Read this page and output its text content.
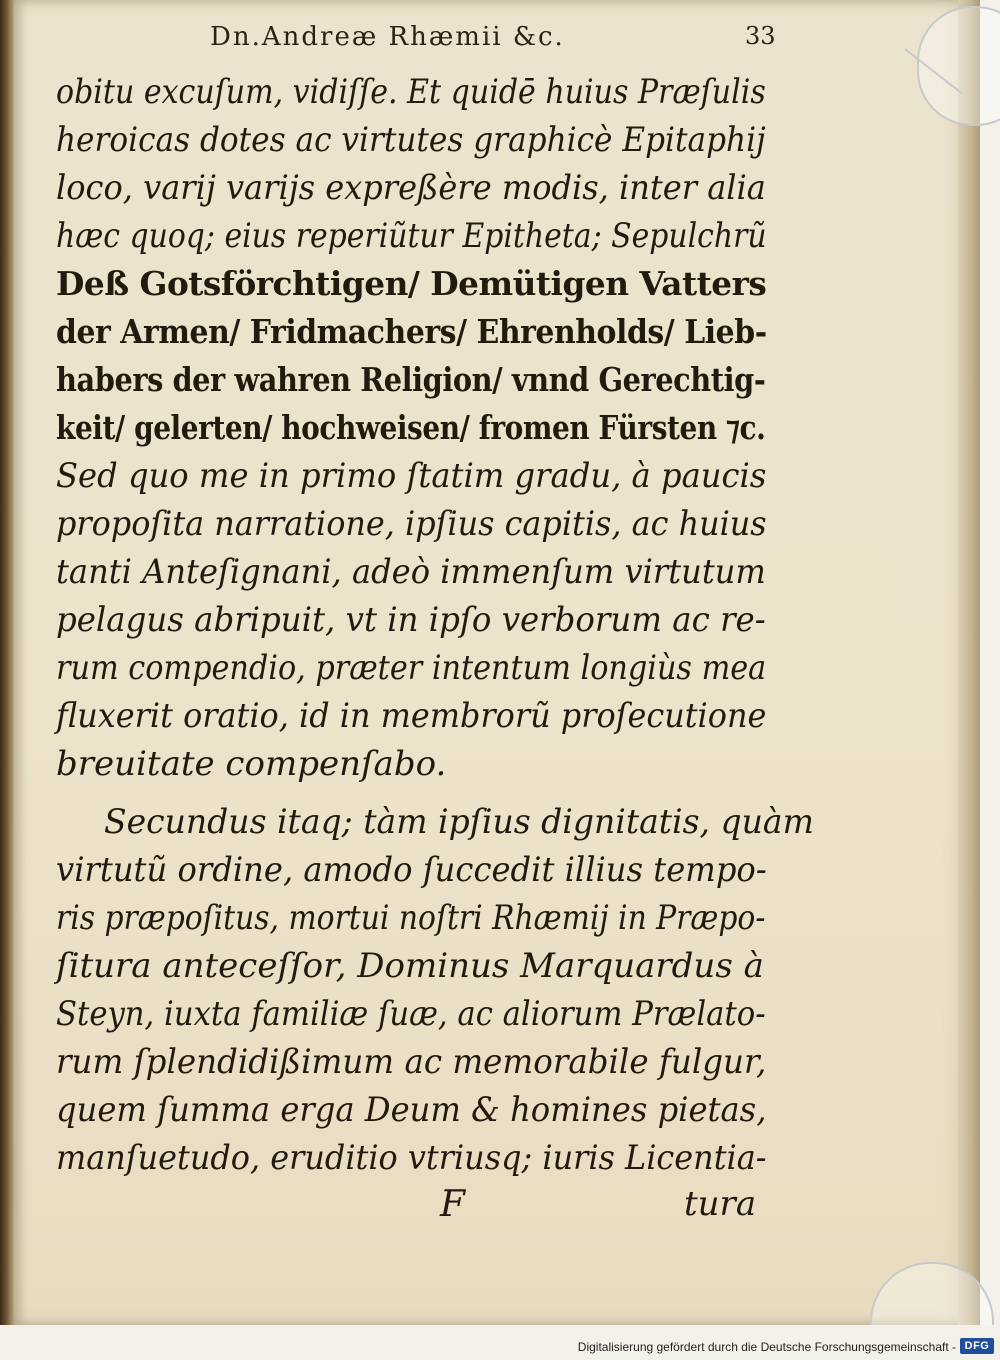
Dn.Andreæ Rhæmii &c.	33
obitu excuſum, vidiſſe. Et quidē huius Præſulis
heroicas dotes ac virtutes graphicè Epitaphij
loco, varij varijs expreßère modis, inter alia
hæc quoq; eius reperiũtur Epitheta; Sepulchrũ
Deß Gotsförchtigen/ Demütigen Vatters
der Armen/ Fridmachers/ Ehrenholds/ Lieb-
habers der wahren Religion/ vnnd Gerechtig-
keit/ gelerten/ hochweisen/ fromen Fürsten ⁊c.
Sed quo me in primo ſtatim gradu, à paucis
propoſita narratione, ipſius capitis, ac huius
tanti Anteſignani, adeò immenſum virtutum
pelagus abripuit, vt in ipſo verborum ac re-
rum compendio, præter intentum longiùs mea
fluxerit oratio, id in membrorũ proſecutione
breuitate compenſabo.
Secundus itaq; tàm ipſius dignitatis, quàm
virtutũ ordine, amodo ſuccedit illius tempo-
ris præpoſitus, mortui noſtri Rhæmij in Præpo-
ſitura anteceſſor, Dominus Marquardus à
Steyn, iuxta familiæ ſuæ, ac aliorum Prælato-
rum ſplendidißimum ac memorabile fulgur,
quem ſumma erga Deum & homines pietas,
manſuetudo, eruditio vtriusq; iuris Licentia-
F	tura
Digitalisierung gefördert durch die Deutsche Forschungsgemeinschaft - DFG
